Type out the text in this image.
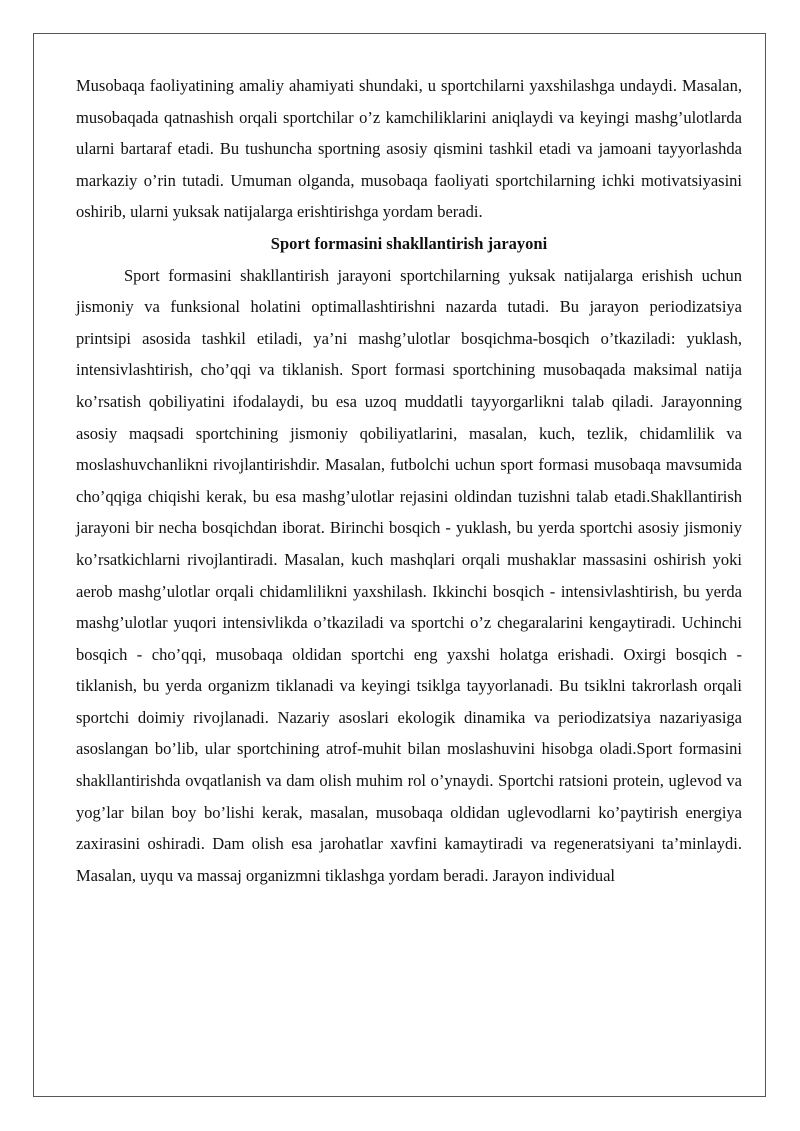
Musobaqa faoliyatining amaliy ahamiyati shundaki, u sportchilarni yaxshilashga undaydi. Masalan, musobaqada qatnashish orqali sportchilar o’z kamchiliklarini aniqlaydi va keyingi mashg’ulotlarda ularni bartaraf etadi. Bu tushuncha sportning asosiy qismini tashkil etadi va jamoani tayyorlashda markaziy o’rin tutadi. Umuman olganda, musobaqa faoliyati sportchilarning ichki motivatsiyasini oshirib, ularni yuksak natijalarga erishtirishga yordam beradi.

Sport formasini shakllantirish jarayoni

Sport formasini shakllantirish jarayoni sportchilarning yuksak natijalarga erishish uchun jismoniy va funksional holatini optimallashtirishni nazarda tutadi. Bu jarayon periodizatsiya printsipi asosida tashkil etiladi, ya’ni mashg’ulotlar bosqichma-bosqich o’tkaziladi: yuklash, intensivlashtirish, cho’qqi va tiklanish. Sport formasi sportchining musobaqada maksimal natija ko’rsatish qobiliyatini ifodalaydi, bu esa uzoq muddatli tayyorgarlikni talab qiladi. Jarayonning asosiy maqsadi sportchining jismoniy qobiliyatlarini, masalan, kuch, tezlik, chidamlilik va moslashuvchanlikni rivojlantirishdir. Masalan, futbolchi uchun sport formasi musobaqa mavsumida cho’qqiga chiqishi kerak, bu esa mashg’ulotlar rejasini oldindan tuzishni talab etadi.Shakllantirish jarayoni bir necha bosqichdan iborat. Birinchi bosqich - yuklash, bu yerda sportchi asosiy jismoniy ko’rsatkichlarni rivojlantiradi. Masalan, kuch mashqlari orqali mushaklar massasini oshirish yoki aerob mashg’ulotlar orqali chidamlilikni yaxshilash. Ikkinchi bosqich - intensivlashtirish, bu yerda mashg’ulotlar yuqori intensivlikda o’tkaziladi va sportchi o’z chegaralarini kengaytiradi. Uchinchi bosqich - cho’qqi, musobaqa oldidan sportchi eng yaxshi holatga erishadi. Oxirgi bosqich - tiklanish, bu yerda organizm tiklanadi va keyingi tsiklga tayyorlanadi. Bu tsiklni takrorlash orqali sportchi doimiy rivojlanadi. Nazariy asoslari ekologik dinamika va periodizatsiya nazariyasiga asoslangan bo’lib, ular sportchining atrof-muhit bilan moslashuvini hisobga oladi.Sport formasini shakllantirishda ovqatlanish va dam olish muhim rol o’ynaydi. Sportchi ratsioni protein, uglevod va yog’lar bilan boy bo’lishi kerak, masalan, musobaqa oldidan uglevodlarni ko’paytirish energiya zaxirasini oshiradi. Dam olish esa jarohatlar xavfini kamaytiradi va regeneratsiyani ta’minlaydi. Masalan, uyqu va massaj organizmni tiklashga yordam beradi. Jarayon individual
